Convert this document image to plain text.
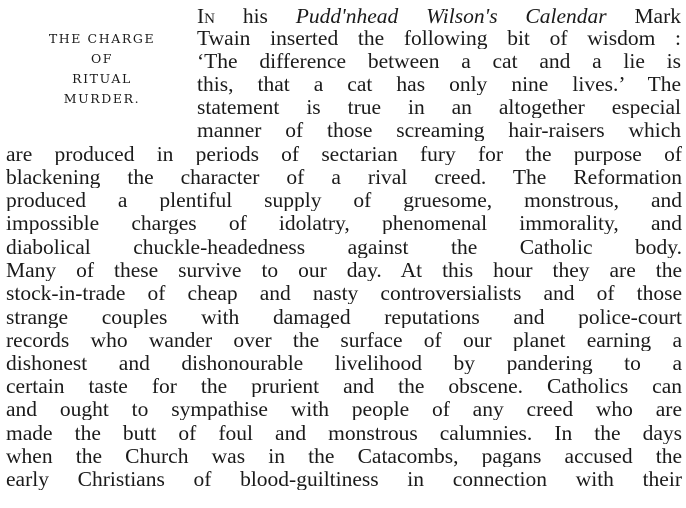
THE CHARGE
OF
RITUAL
MURDER.
In his Pudd'nhead Wilson's Calendar Mark
Twain inserted the following bit of wisdom :
‘The difference between a cat and a lie is
this, that a cat has only nine lives.’ The
statement is true in an altogether especial
manner of those screaming hair-raisers which
are produced in periods of sectarian fury for the purpose of
blackening the character of a rival creed. The Reformation
produced a plentiful supply of gruesome, monstrous, and
impossible charges of idolatry, phenomenal immorality, and
diabolical chuckle-headedness against the Catholic body.
Many of these survive to our day. At this hour they are the
stock-in-trade of cheap and nasty controversialists and of those
strange couples with damaged reputations and police-court
records who wander over the surface of our planet earning a
dishonest and dishonourable livelihood by pandering to a
certain taste for the prurient and the obscene. Catholics can
and ought to sympathise with people of any creed who are
made the butt of foul and monstrous calumnies. In the days
when the Church was in the Catacombs, pagans accused the
early Christians of blood-guiltiness in connection with their
